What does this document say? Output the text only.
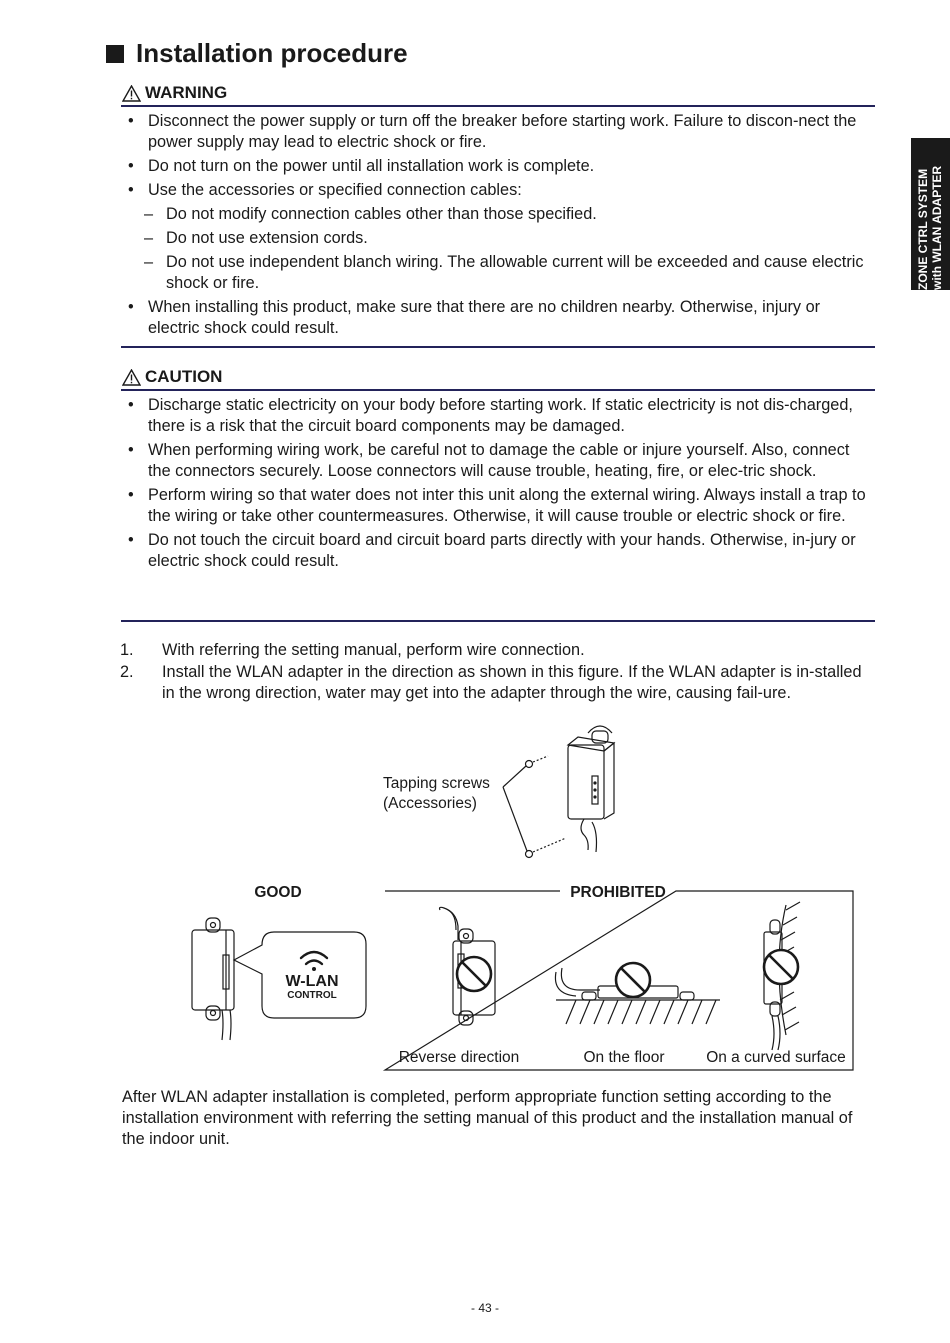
Installation procedure
ZONE CTRL SYSTEM with WLAN ADAPTER
WARNING
• Disconnect the power supply or turn off the breaker before starting work. Failure to discon-nect the power supply may lead to electric shock or fire.
• Do not turn on the power until all installation work is complete.
• Use the accessories or specified connection cables:
– Do not modify connection cables other than those specified.
– Do not use extension cords.
– Do not use independent blanch wiring. The allowable current will be exceeded and cause electric shock or fire.
• When installing this product, make sure that there are no children nearby. Otherwise, injury or electric shock could result.
CAUTION
• Discharge static electricity on your body before starting work. If static electricity is not dis-charged, there is a risk that the circuit board components may be damaged.
• When performing wiring work, be careful not to damage the cable or injure yourself. Also, connect the connectors securely. Loose connectors will cause trouble, heating, fire, or elec-tric shock.
• Perform wiring so that water does not inter this unit along the external wiring. Always install a trap to the wiring or take other countermeasures. Otherwise, it will cause trouble or electric shock or fire.
• Do not touch the circuit board and circuit board parts directly with your hands. Otherwise, in-jury or electric shock could result.
1. With referring the setting manual, perform wire connection.
2. Install the WLAN adapter in the direction as shown in this figure. If the WLAN adapter is in-stalled in the wrong direction, water may get into the adapter through the wire, causing fail-ure.
Tapping screws
(Accessories)
GOOD
W-LAN
CONTROL
PROHIBITED
Reverse direction	On the floor	On a curved surface
After WLAN adapter installation is completed, perform appropriate function setting according to the installation environment with referring the setting manual of this product and the installation manual of the indoor unit.
- 43 -
